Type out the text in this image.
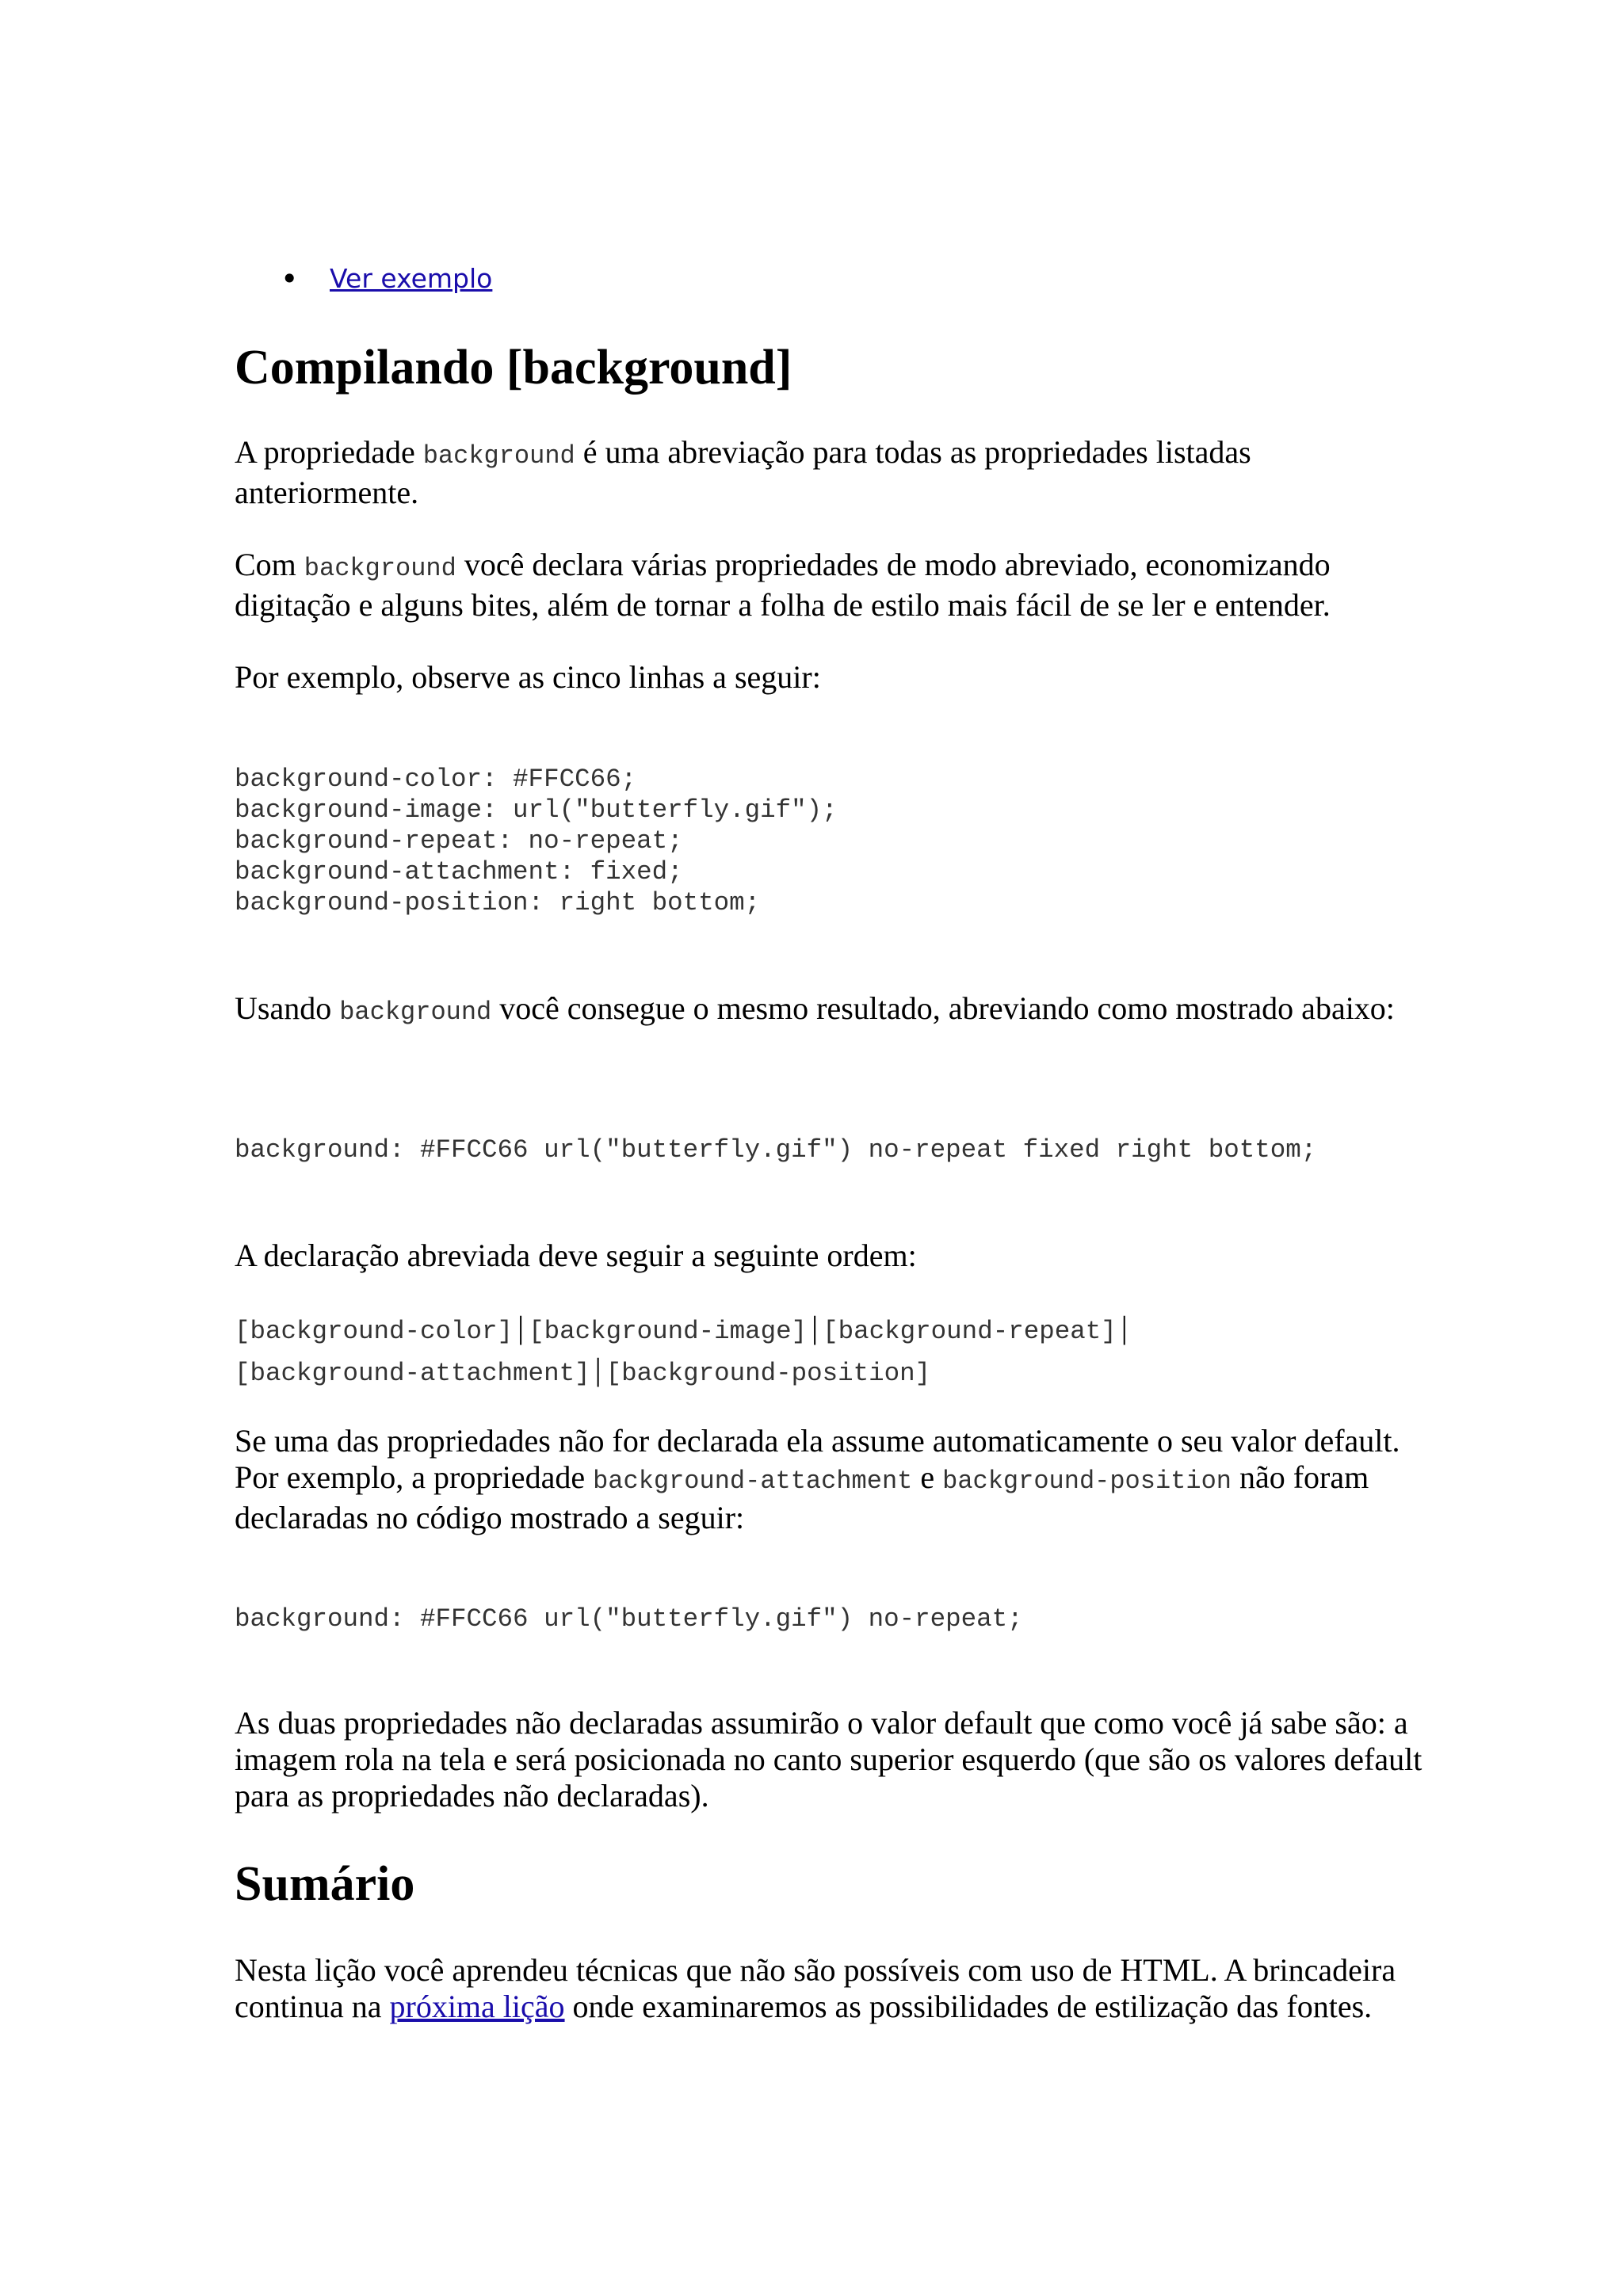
• Ver exemplo
Compilando [background]

A propriedade background é uma abreviação para todas as propriedades listadas anteriormente.

Com background você declara várias propriedades de modo abreviado, economizando digitação e alguns bites, além de tornar a folha de estilo mais fácil de se ler e entender.

Por exemplo, observe as cinco linhas a seguir:

background-color: #FFCC66;
background-image: url("butterfly.gif");
background-repeat: no-repeat;
background-attachment: fixed;
background-position: right bottom;

Usando background você consegue o mesmo resultado, abreviando como mostrado abaixo:

background: #FFCC66 url("butterfly.gif") no-repeat fixed right bottom;

A declaração abreviada deve seguir a seguinte ordem:

[background-color] | [background-image] | [background-repeat] |
[background-attachment] | [background-position]

Se uma das propriedades não for declarada ela assume automaticamente o seu valor default. Por exemplo, a propriedade background-attachment e background-position não foram declaradas no código mostrado a seguir:

background: #FFCC66 url("butterfly.gif") no-repeat;

As duas propriedades não declaradas assumirão o valor default que como você já sabe são: a imagem rola na tela e será posicionada no canto superior esquerdo (que são os valores default para as propriedades não declaradas).

Sumário

Nesta lição você aprendeu técnicas que não são possíveis com uso de HTML. A brincadeira continua na próxima lição onde examinaremos as possibilidades de estilização das fontes.
